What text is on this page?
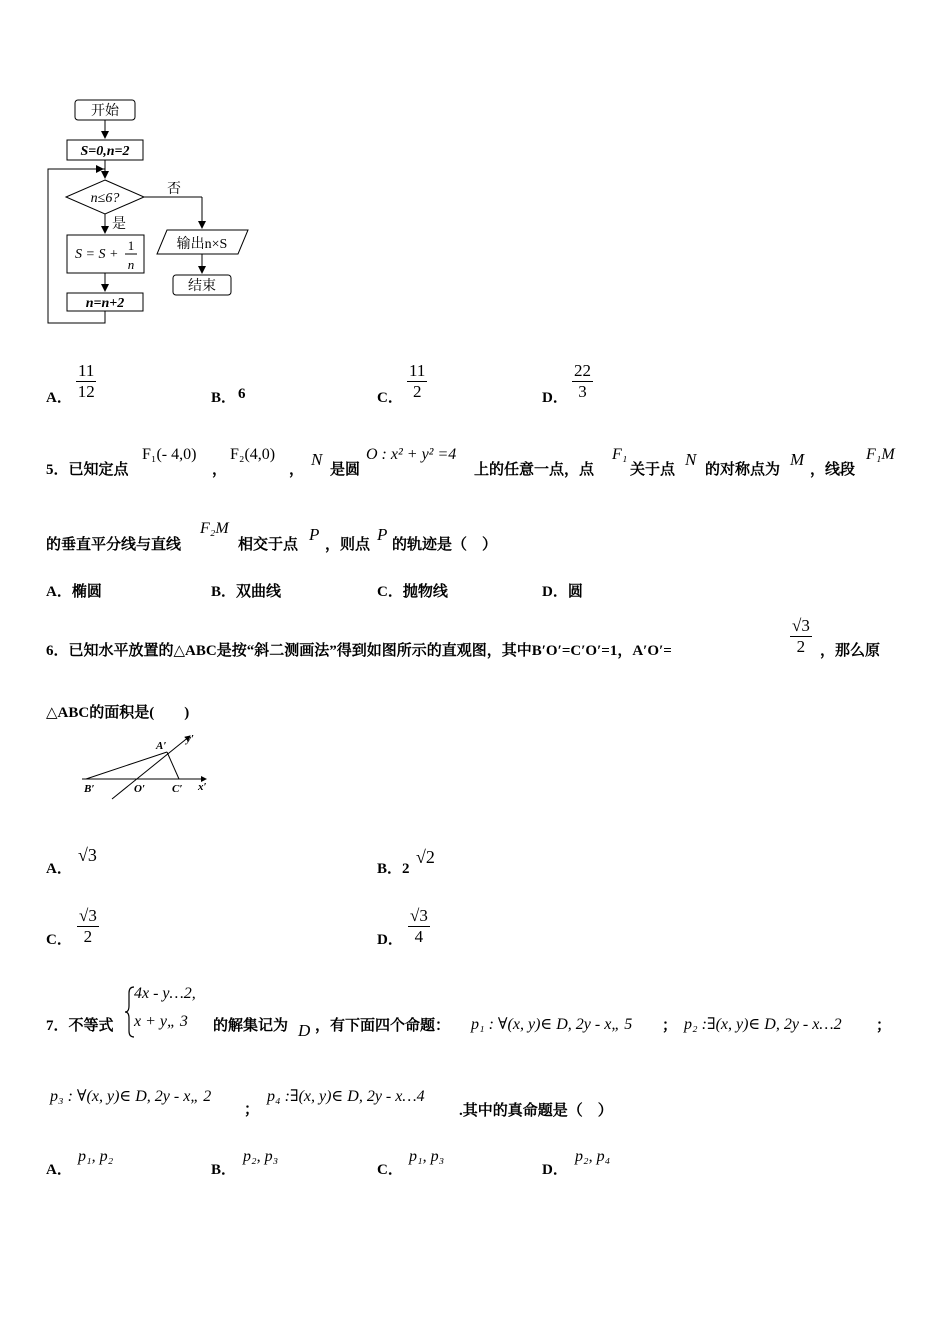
开始
S=0,n=2
n≤6?
否
输出n×S
结束
是
S = S +
1
n
n=n+2
A．
11
12	B． 6	C．
11
2	D．
22
3
5．已知定点
F₁(- 4,0)
，
F₂(4,0)
，
N
是圆
O : x² + y² =4
上的任意一点，点
F₁
关于点
N
的对称点为
M
，线段
F₁M
的垂直平分线与直线
F₂M
相交于点
P
，则点
P
的轨迹是（　）
A．椭圆	B．双曲线	C．抛物线	D．圆
6．已知水平放置的△ABC是按“斜二测画法”得到如图所示的直观图，其中B′O′=C′O′=1，A′O′=
√3
2 ，那么原
△ABC的面积是(　　)
A′
y′
B′	O′ C′ x′
A．
√3
B．2
√2
C．
√3
2	D．
√3
4
7．不等式
4x - y…2,
x + y„ 3 的解集记为 D ，有下面四个命题： p₁ : ∀(x, y)∈ D, 2y - x„ 5 ； p₂ :∃(x, y)∈ D, 2y - x…2 ；
p₃ : ∀(x, y)∈ D, 2y - x„ 2
；
p₄ :∃(x, y)∈ D, 2y - x…4
.其中的真命题是（　）
A．
p₁, p₂
B．
p₂, p₃
C．
p₁, p₃
D．
p₂, p₄
